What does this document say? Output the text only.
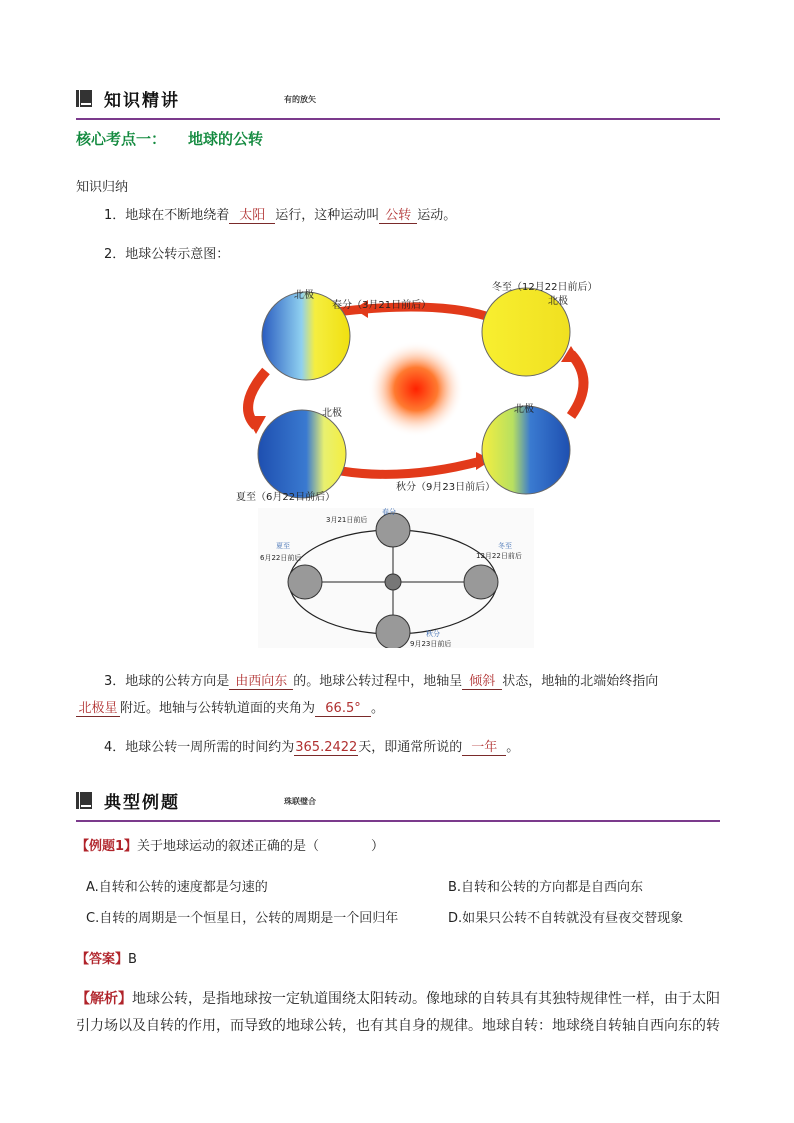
知识精讲	有的放矢
核心考点一： 地球的公转
知识归纳
1．地球在不断地绕着 太阳 运行，这种运动叫 公转 运动。
2．地球公转示意图：
北极
春分（3月21日前后）
冬至（12月22日前后）
北极
北极	北极
夏至（6月22日前后）
秋分（9月23日前后）
春分
3月21日前后
夏至
6月22日前后
冬至
12月22日前后
秋分
9月23日前后
3．地球的公转方向是 由西向东 的。地球公转过程中，地轴呈 倾斜 状态，地轴的北端始终指向
北极星 附近。地轴与公转轨道面的夹角为 66.5° 。
4．地球公转一周所需的时间约为365.2422天，即通常所说的 一年 。
典型例题	珠联璧合
【例题1】关于地球运动的叙述正确的是（　　　　）
A.自转和公转的速度都是匀速的	B.自转和公转的方向都是自西向东
C.自转的周期是一个恒星日，公转的周期是一个回归年	D.如果只公转不自转就没有昼夜交替现象
【答案】B
【解析】地球公转，是指地球按一定轨道围绕太阳转动。像地球的自转具有其独特规律性一样，由于太阳引力场以及自转的作用，而导致的地球公转，也有其自身的规律。地球自转：地球绕自转轴自西向东的转
